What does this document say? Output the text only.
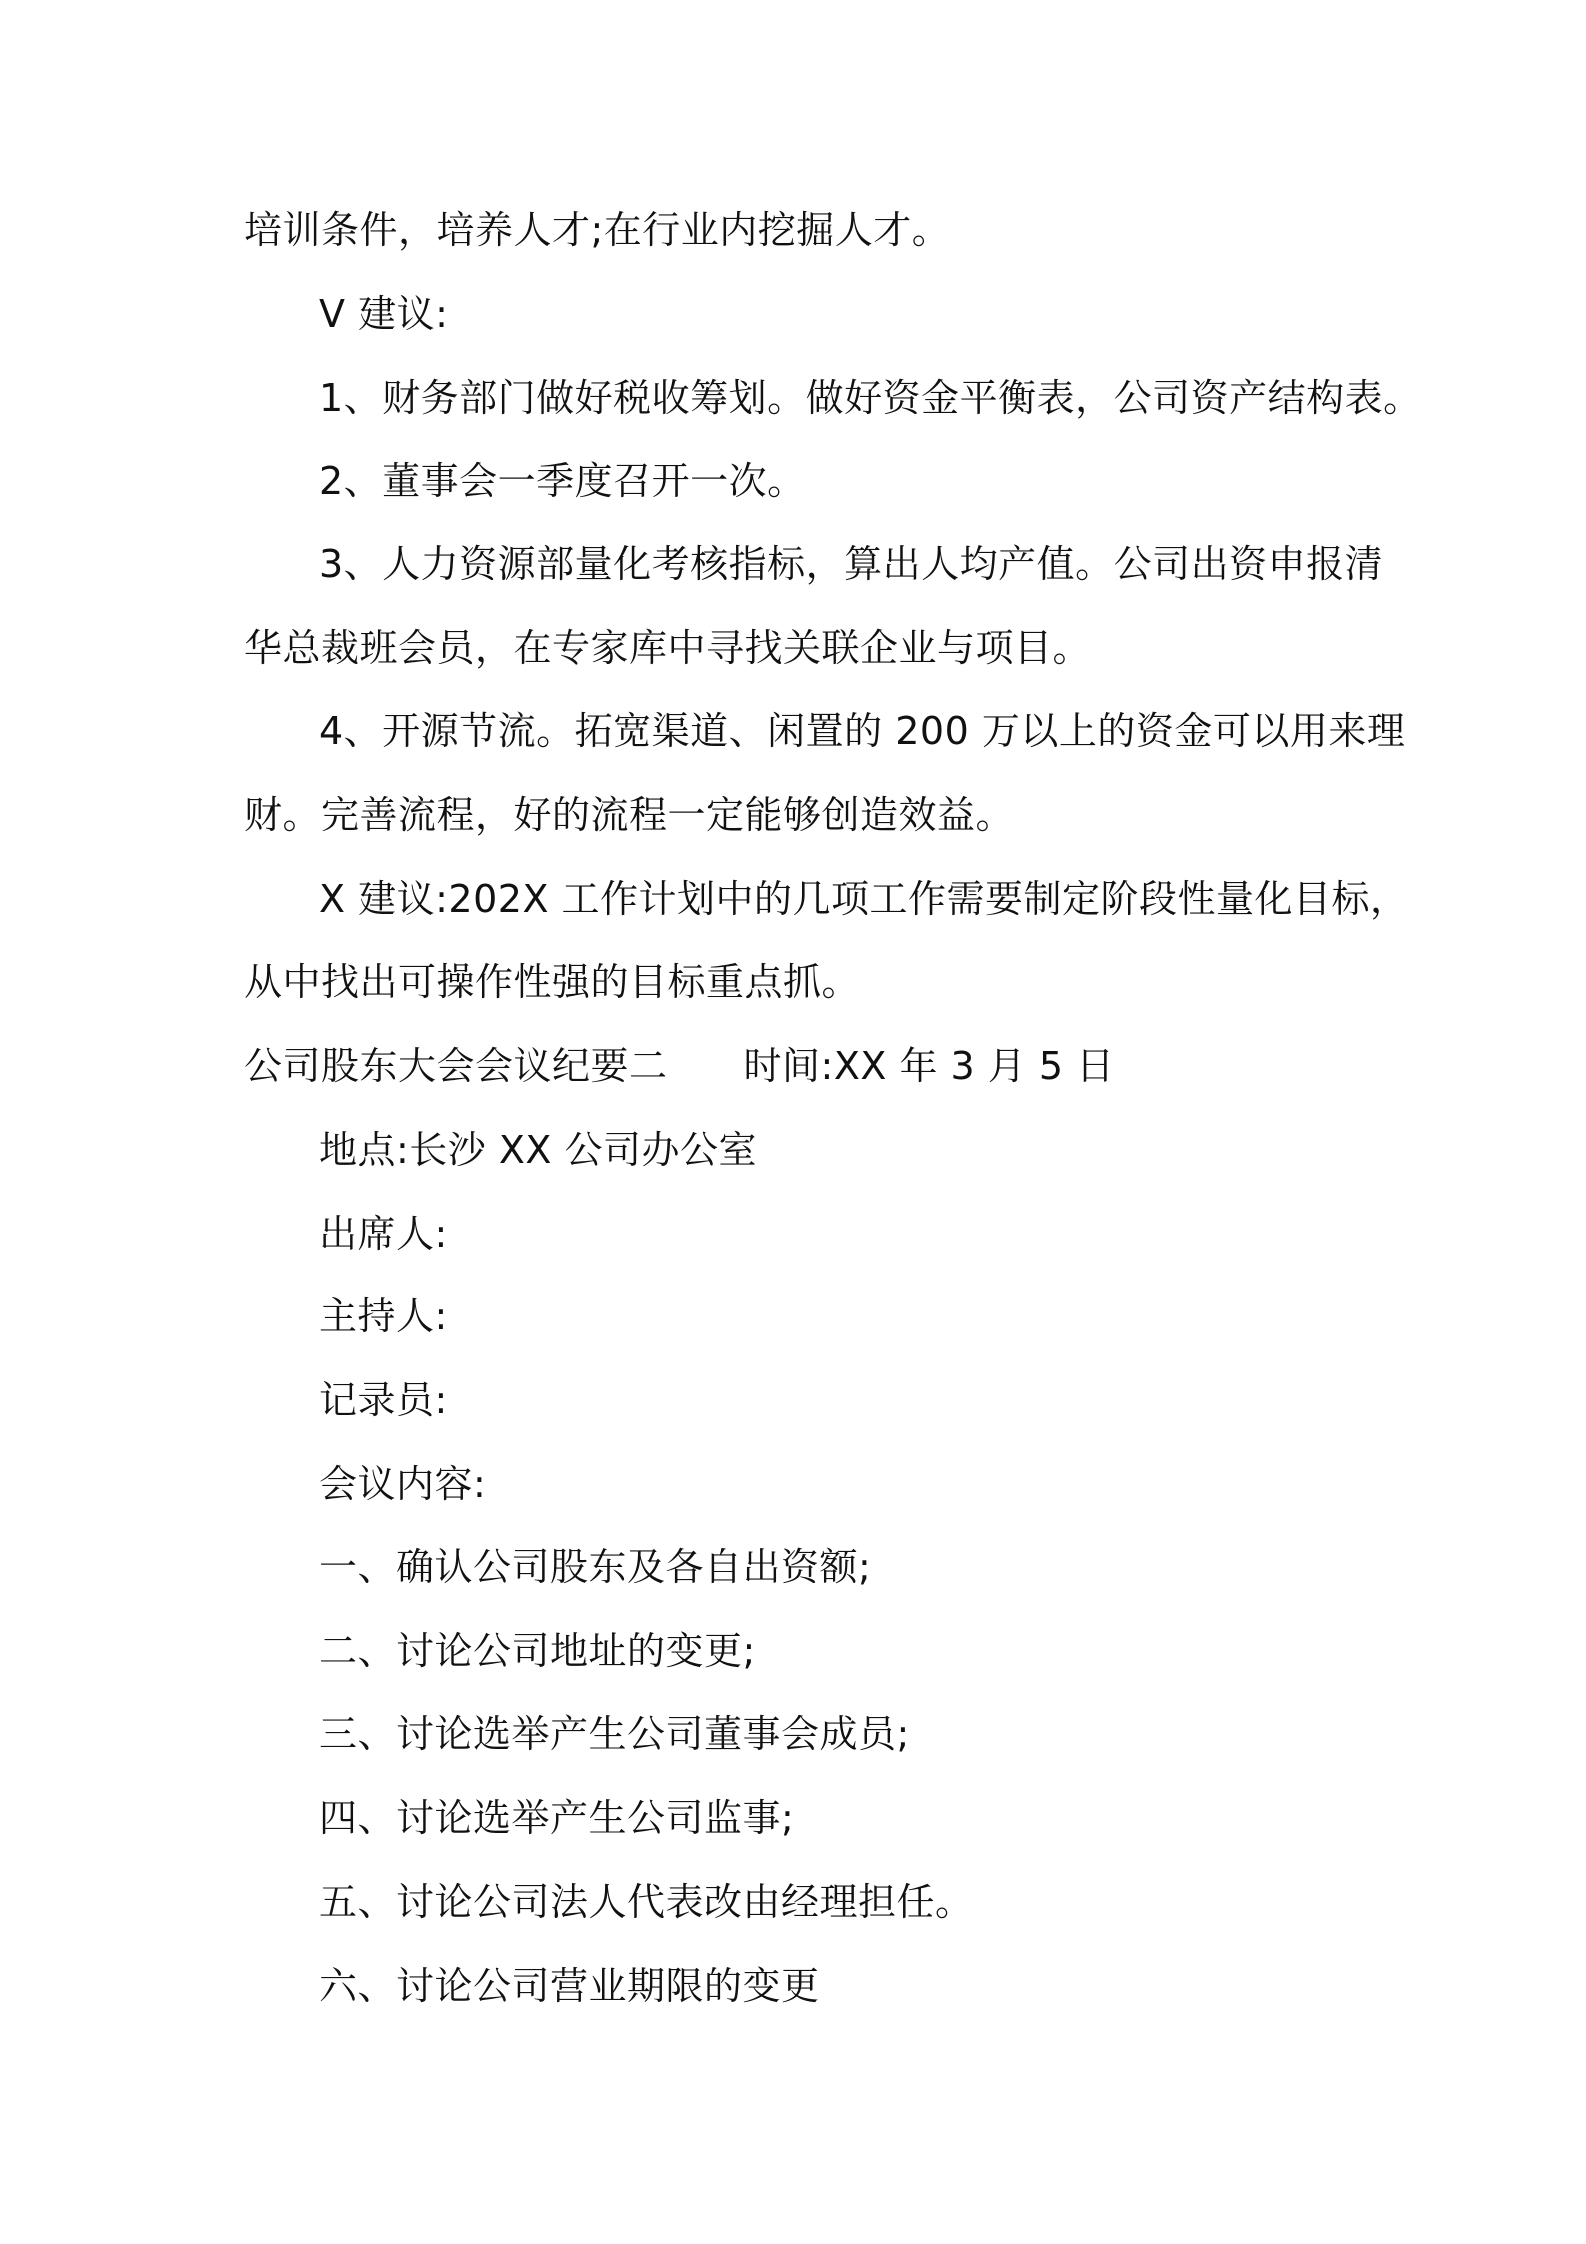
培训条件，培养人才;在行业内挖掘人才。
V 建议:
1、财务部门做好税收筹划。做好资金平衡表，公司资产结构表。
2、董事会一季度召开一次。
3、人力资源部量化考核指标，算出人均产值。公司出资申报清
华总裁班会员，在专家库中寻找关联企业与项目。
4、开源节流。拓宽渠道、闲置的 200 万以上的资金可以用来理
财。完善流程，好的流程一定能够创造效益。
X 建议:202X 工作计划中的几项工作需要制定阶段性量化目标，
从中找出可操作性强的目标重点抓。
公司股东大会会议纪要二 时间:XX 年 3 月 5 日
地点:长沙 XX 公司办公室
出席人:
主持人:
记录员:
会议内容:
一、确认公司股东及各自出资额;
二、讨论公司地址的变更;
三、讨论选举产生公司董事会成员;
四、讨论选举产生公司监事;
五、讨论公司法人代表改由经理担任。
六、讨论公司营业期限的变更
